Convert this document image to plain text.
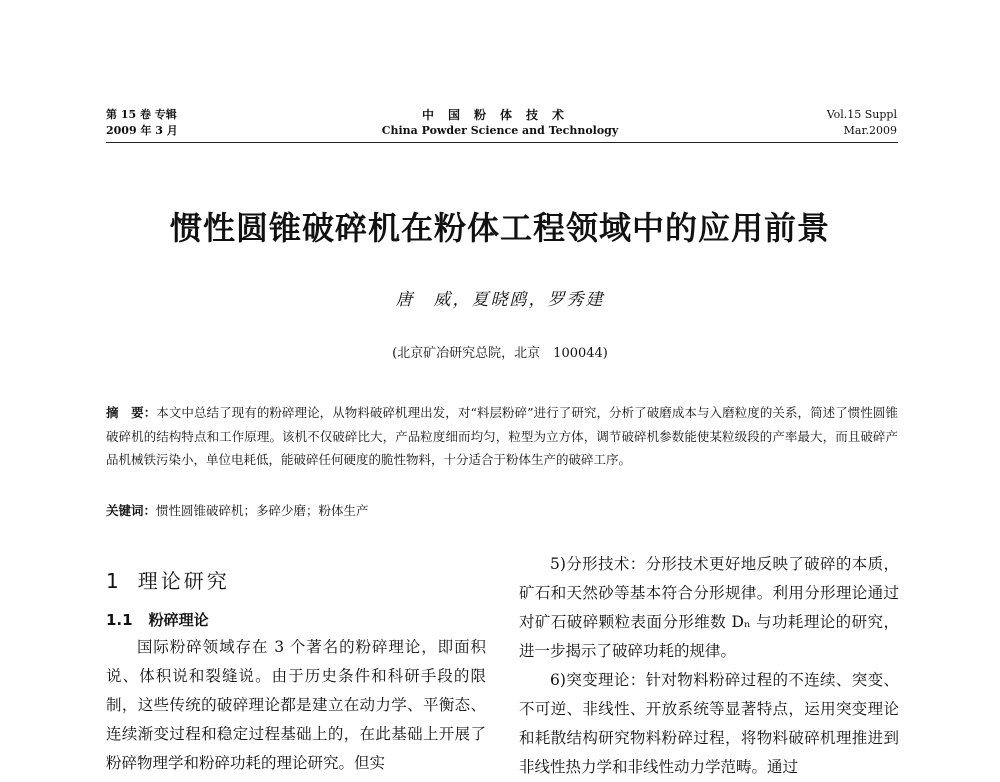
第 15 卷 专辑
2009 年 3 月
中国粉体技术
China Powder Science and Technology
Vol.15 Suppl
Mar.2009
惯性圆锥破碎机在粉体工程领域中的应用前景
唐　威，夏晓鸥，罗秀建
(北京矿冶研究总院，北京　100044)
摘　要：本文中总结了现有的粉碎理论，从物料破碎机理出发，对“料层粉碎”进行了研究，分析了破磨成本与入磨粒度的关系，简述了惯性圆锥破碎机的结构特点和工作原理。该机不仅破碎比大，产品粒度细而均匀，粒型为立方体，调节破碎机参数能使某粒级段的产率最大，而且破碎产品机械铁污染小，单位电耗低，能破碎任何硬度的脆性物料，十分适合于粉体生产的破碎工序。
关键词：惯性圆锥破碎机；多碎少磨；粉体生产
1 理论研究
1.1 粉碎理论

国际粉碎领域存在 3 个著名的粉碎理论，即面积说、体积说和裂缝说。由于历史条件和科研手段的限制，这些传统的破碎理论都是建立在动力学、平衡态、连续渐变过程和稳定过程基础上的，在此基础上开展了粉碎物理学和粉碎功耗的理论研究。但实

5)分形技术：分形技术更好地反映了破碎的本质，矿石和天然砂等基本符合分形规律。利用分形理论通过对矿石破碎颗粒表面分形维数 Dₙ 与功耗理论的研究，进一步揭示了破碎功耗的规律。

6)突变理论：针对物料粉碎过程的不连续、突变、不可逆、非线性、开放系统等显著特点，运用突变理论和耗散结构研究物料粉碎过程，将物料破碎机理推进到非线性热力学和非线性动力学范畴。通过
